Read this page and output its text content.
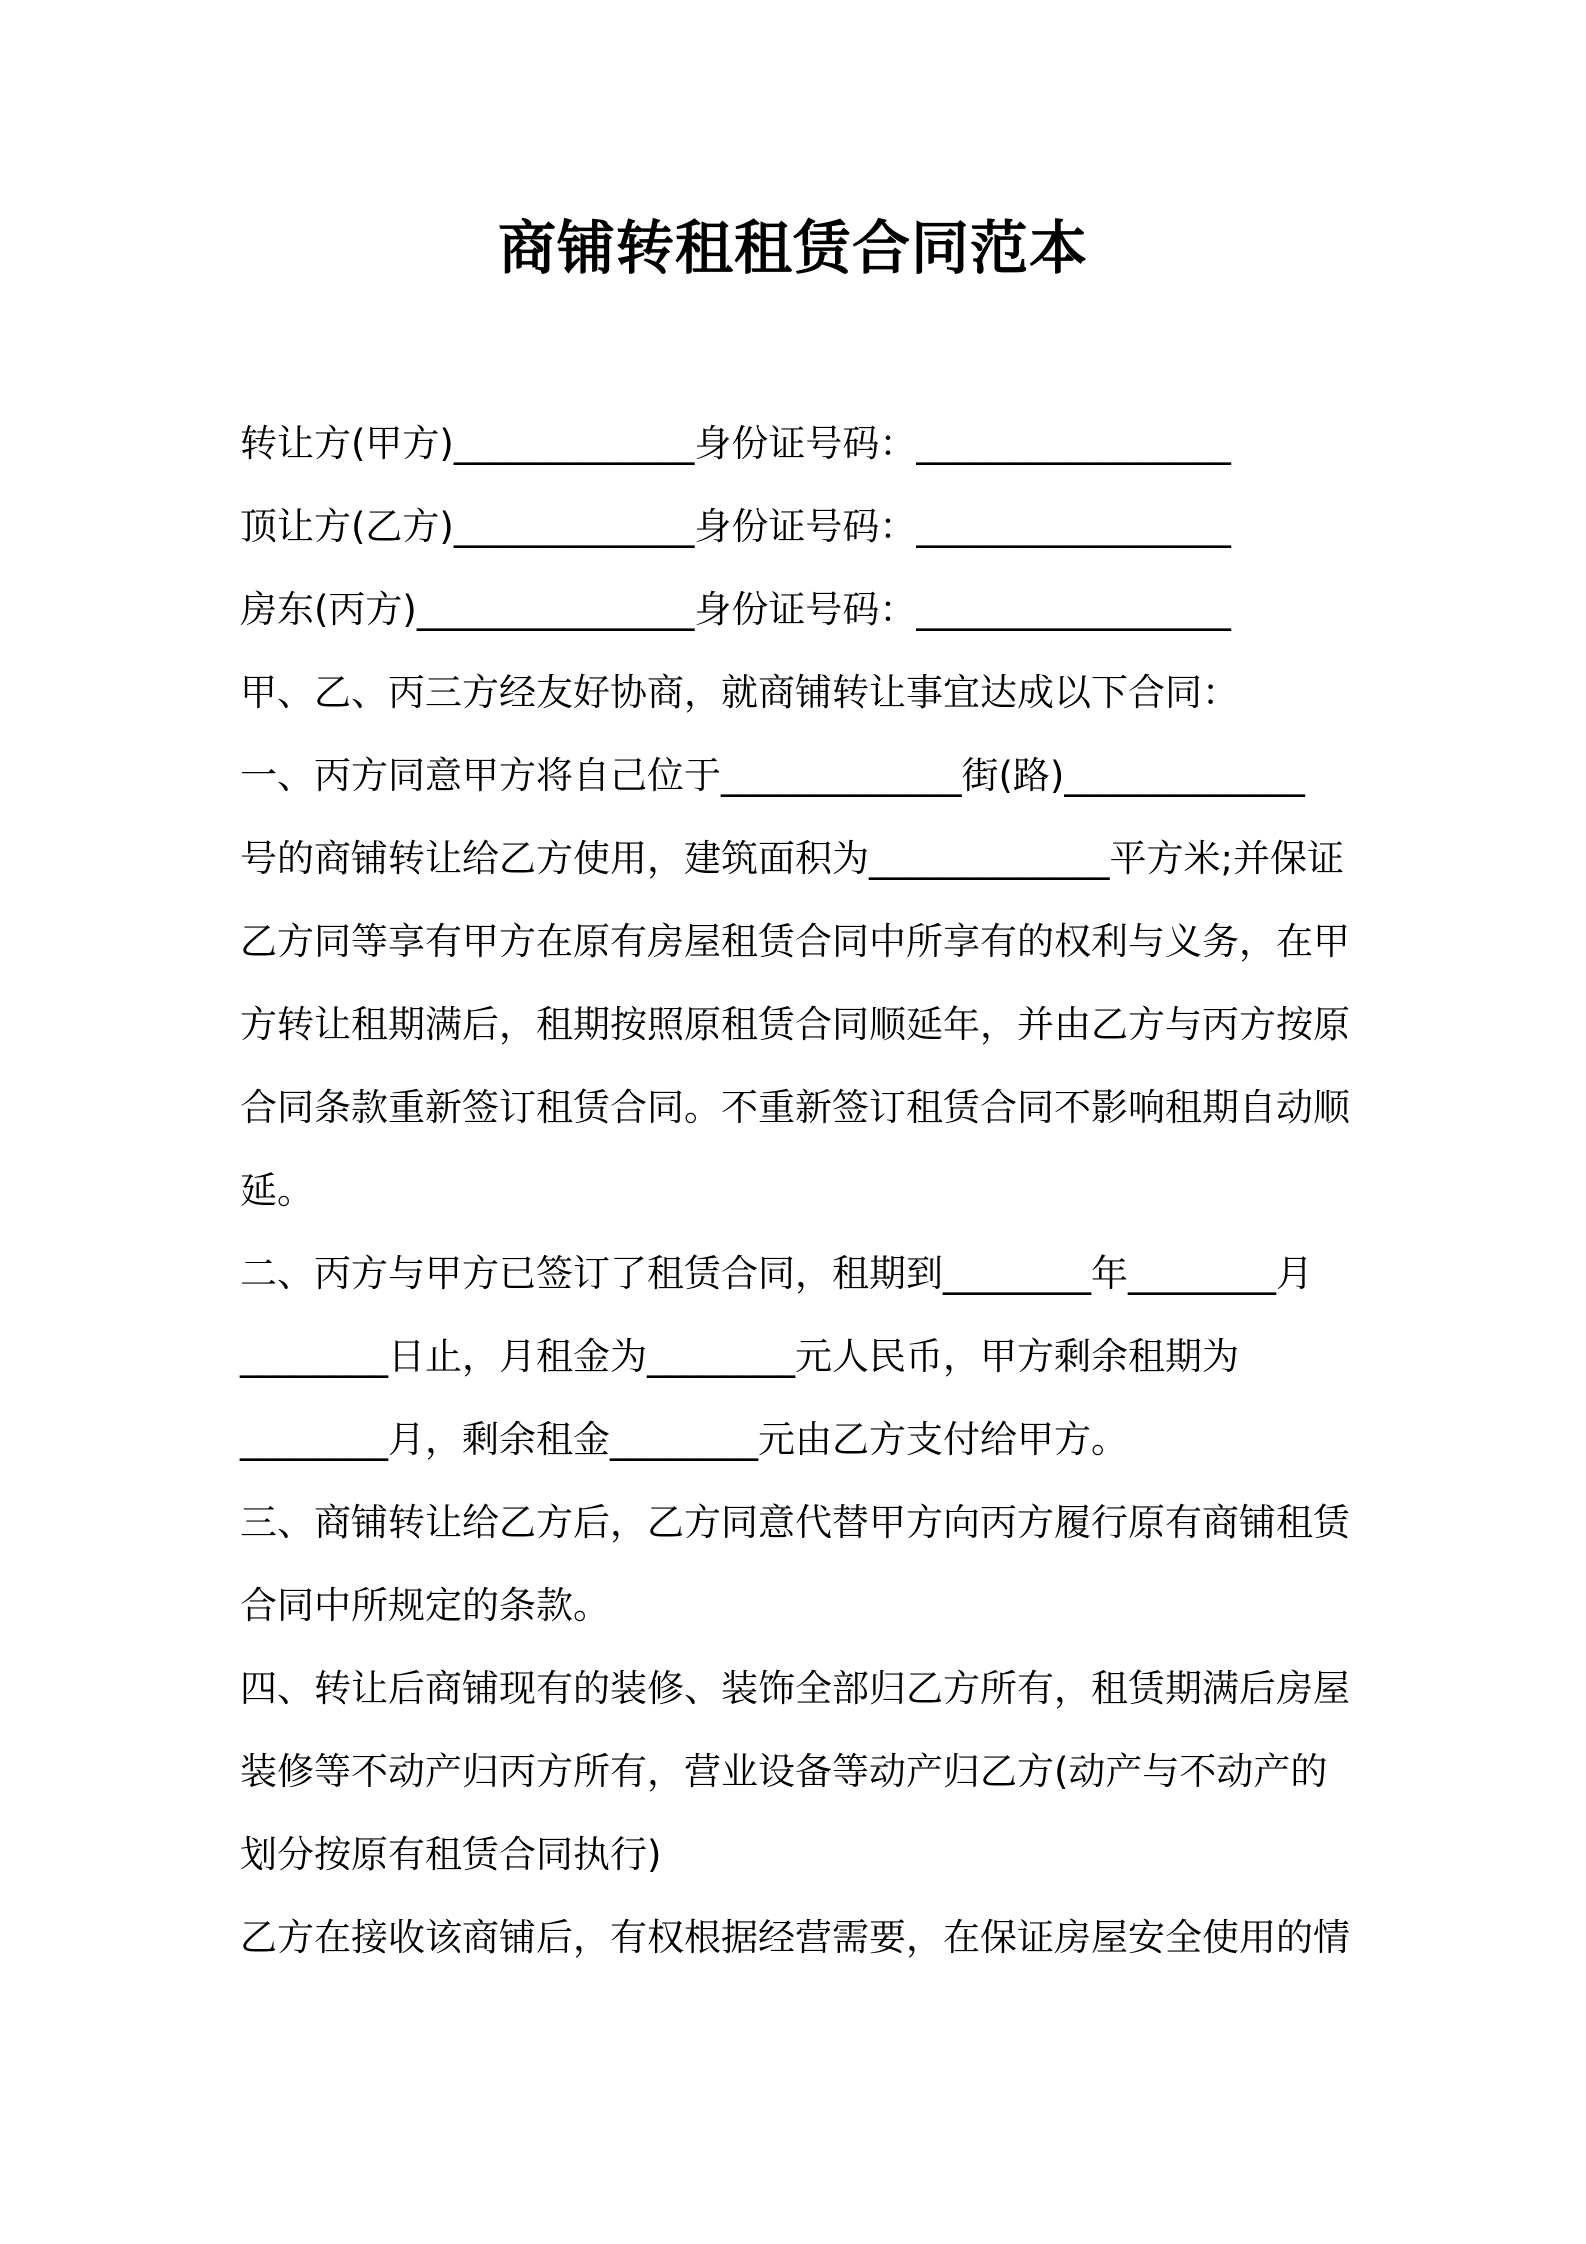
商铺转租租赁合同范本
转让方(甲方)_____________身份证号码：_________________
顶让方(乙方)_____________身份证号码：_________________
房东(丙方)_______________身份证号码：_________________
甲、乙、丙三方经友好协商，就商铺转让事宜达成以下合同：
一、丙方同意甲方将自己位于_____________街(路)_____________
号的商铺转让给乙方使用，建筑面积为_____________平方米;并保证
乙方同等享有甲方在原有房屋租赁合同中所享有的权利与义务，在甲
方转让租期满后，租期按照原租赁合同顺延年，并由乙方与丙方按原
合同条款重新签订租赁合同。不重新签订租赁合同不影响租期自动顺
延。
二、丙方与甲方已签订了租赁合同，租期到________年________月
________日止，月租金为________元人民币，甲方剩余租期为
________月，剩余租金________元由乙方支付给甲方。
三、商铺转让给乙方后，乙方同意代替甲方向丙方履行原有商铺租赁
合同中所规定的条款。
四、转让后商铺现有的装修、装饰全部归乙方所有，租赁期满后房屋
装修等不动产归丙方所有，营业设备等动产归乙方(动产与不动产的
划分按原有租赁合同执行)
乙方在接收该商铺后，有权根据经营需要，在保证房屋安全使用的情
